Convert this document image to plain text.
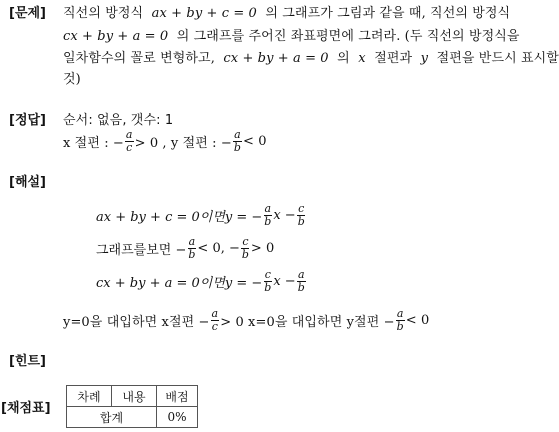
[문제] 직선의 방정식 ax + by + c = 0 의 그래프가 그림과 같을 때, 직선의 방정식
cx + by + a = 0 의 그래프를 주어진 좌표평면에 그려라. (두 직선의 방정식을
일차함수의 꼴로 변형하고, cx + by + a = 0 의 x 절편과 y 절편을 반드시 표시할
것)
[정답] 순서: 없음, 갯수: 1
x 절편 : − $\frac{a}{c} > 0$ , y 절편 : − $\frac{a}{b} < 0$
[해설]
ax + by + c = 0이면y = − $\frac{a}{b}$ $x - \frac{c}{b}$
그래프를보면 − $\frac{a}{b} < 0$, − $\frac{c}{b} > 0$
cx + by + a = 0이면y = − $\frac{c}{b}$ $x - \frac{a}{b}$
y=0을 대입하면 x절편 − $\frac{a}{c} > 0$ x=0을 대입하면 y절편 − $\frac{a}{b} < 0$
[힌트]
[채점표]
차례	내용	배점
합계		0%
